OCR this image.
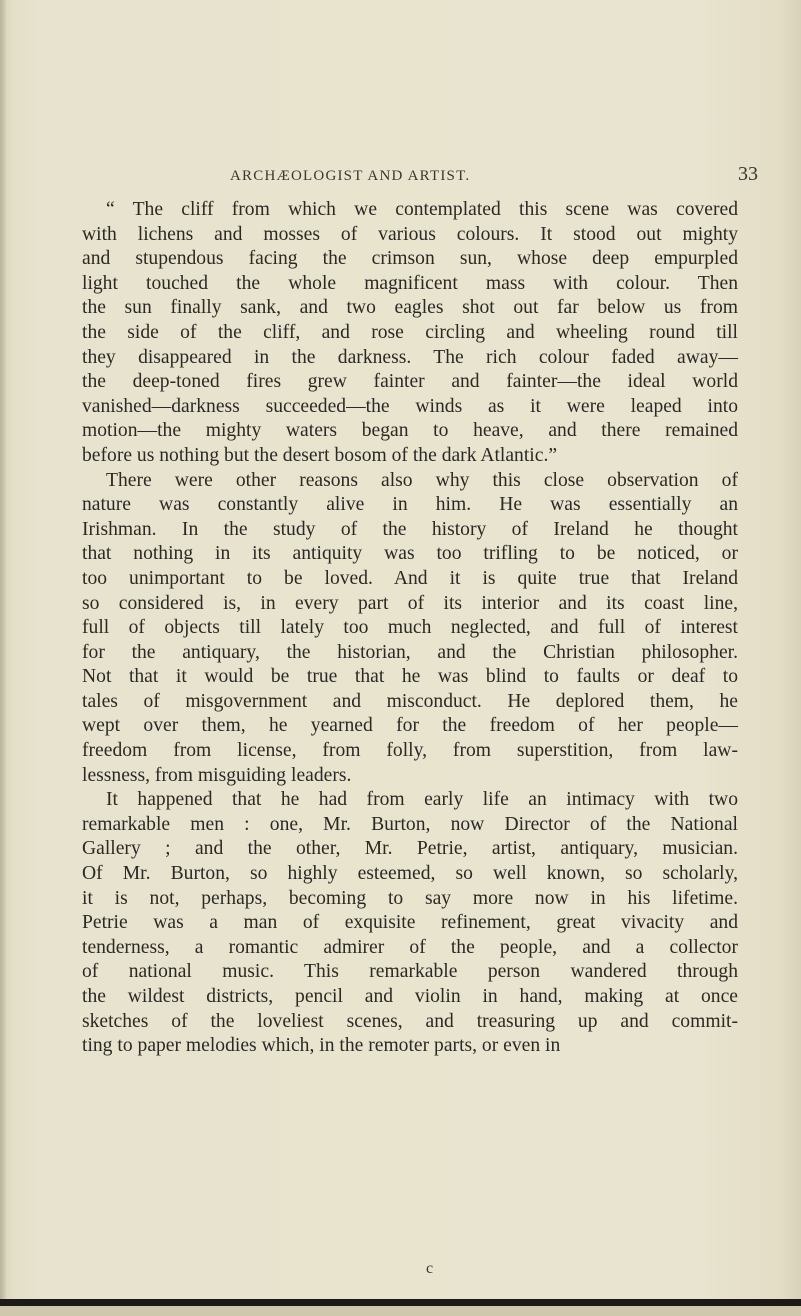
ARCHÆOLOGIST AND ARTIST.	33
“ The cliff from which we contemplated this scene was covered
with lichens and mosses of various colours. It stood out mighty
and stupendous facing the crimson sun, whose deep empurpled
light touched the whole magnificent mass with colour. Then
the sun finally sank, and two eagles shot out far below us from
the side of the cliff, and rose circling and wheeling round till
they disappeared in the darkness. The rich colour faded away—
the deep-toned fires grew fainter and fainter—the ideal world
vanished—darkness succeeded—the winds as it were leaped into
motion—the mighty waters began to heave, and there remained
before us nothing but the desert bosom of the dark Atlantic.”
There were other reasons also why this close observation of
nature was constantly alive in him. He was essentially an
Irishman. In the study of the history of Ireland he thought
that nothing in its antiquity was too trifling to be noticed, or
too unimportant to be loved. And it is quite true that Ireland
so considered is, in every part of its interior and its coast line,
full of objects till lately too much neglected, and full of interest
for the antiquary, the historian, and the Christian philosopher.
Not that it would be true that he was blind to faults or deaf to
tales of misgovernment and misconduct. He deplored them, he
wept over them, he yearned for the freedom of her people—
freedom from license, from folly, from superstition, from law-
lessness, from misguiding leaders.
It happened that he had from early life an intimacy with two
remarkable men : one, Mr. Burton, now Director of the National
Gallery ; and the other, Mr. Petrie, artist, antiquary, musician.
Of Mr. Burton, so highly esteemed, so well known, so scholarly,
it is not, perhaps, becoming to say more now in his lifetime.
Petrie was a man of exquisite refinement, great vivacity and
tenderness, a romantic admirer of the people, and a collector
of national music. This remarkable person wandered through
the wildest districts, pencil and violin in hand, making at once
sketches of the loveliest scenes, and treasuring up and commit-
ting to paper melodies which, in the remoter parts, or even in
c
